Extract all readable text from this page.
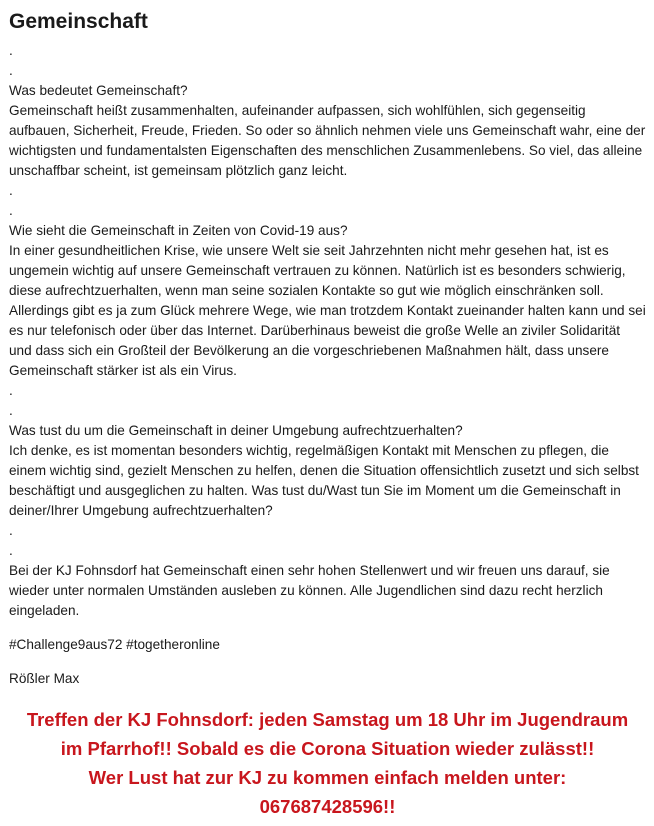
Gemeinschaft

.

.

Was bedeutet Gemeinschaft?

Gemeinschaft heißt zusammenhalten, aufeinander aufpassen, sich wohlfühlen, sich gegenseitig aufbauen, Sicherheit, Freude, Frieden. So oder so ähnlich nehmen viele uns Gemeinschaft wahr, eine der wichtigsten und fundamentalsten Eigenschaften des menschlichen Zusammenlebens. So viel, das alleine unschaffbar scheint, ist gemeinsam plötzlich ganz leicht.

.

.

Wie sieht die Gemeinschaft in Zeiten von Covid-19 aus?

In einer gesundheitlichen Krise, wie unsere Welt sie seit Jahrzehnten nicht mehr gesehen hat, ist es ungemein wichtig auf unsere Gemeinschaft vertrauen zu können. Natürlich ist es besonders schwierig, diese aufrechtzuerhalten, wenn man seine sozialen Kontakte so gut wie möglich einschränken soll. Allerdings gibt es ja zum Glück mehrere Wege, wie man trotzdem Kontakt zueinander halten kann und sei es nur telefonisch oder über das Internet. Darüberhinaus beweist die große Welle an ziviler Solidarität und dass sich ein Großteil der Bevölkerung an die vorgeschriebenen Maßnahmen hält, dass unsere Gemeinschaft stärker ist als ein Virus.

.

.

Was tust du um die Gemeinschaft in deiner Umgebung aufrechtzuerhalten?

Ich denke, es ist momentan besonders wichtig, regelmäßigen Kontakt mit Menschen zu pflegen, die einem wichtig sind, gezielt Menschen zu helfen, denen die Situation offensichtlich zusetzt und sich selbst beschäftigt und ausgeglichen zu halten. Was tust du/Wast tun Sie im Moment um die Gemeinschaft in deiner/Ihrer Umgebung aufrechtzuerhalten?

.

.

Bei der KJ Fohnsdorf hat Gemeinschaft einen sehr hohen Stellenwert und wir freuen uns darauf, sie wieder unter normalen Umständen ausleben zu können. Alle Jugendlichen sind dazu recht herzlich eingeladen.

#Challenge9aus72 #togetheronline

Rößler Max

Treffen der KJ Fohnsdorf: jeden Samstag um 18 Uhr im Jugendraum
im Pfarrhof!! Sobald es die Corona Situation wieder zulässt!!
Wer Lust hat zur KJ zu kommen einfach melden unter:
067687428596!!
